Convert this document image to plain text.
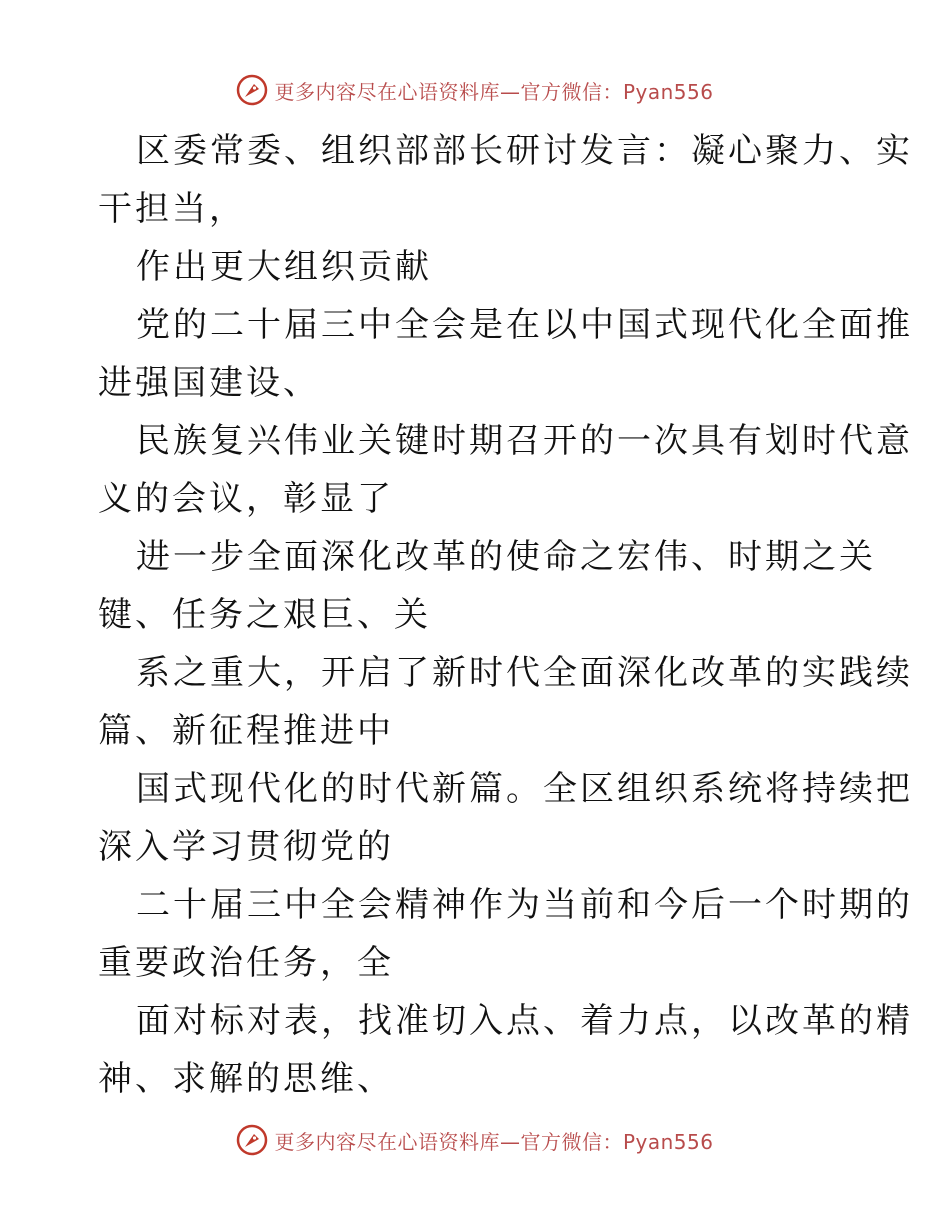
更多内容尽在心语资料库—官方微信：Pyan556
区委常委、组织部部长研讨发言：凝心聚力、实
干担当，
作出更大组织贡献
党的二十届三中全会是在以中国式现代化全面推
进强国建设、
民族复兴伟业关键时期召开的一次具有划时代意
义的会议，彰显了
进一步全面深化改革的使命之宏伟、时期之关
键、任务之艰巨、关
系之重大，开启了新时代全面深化改革的实践续
篇、新征程推进中
国式现代化的时代新篇。全区组织系统将持续把
深入学习贯彻党的
二十届三中全会精神作为当前和今后一个时期的
重要政治任务，全
面对标对表，找准切入点、着力点，以改革的精
神、求解的思维、
更多内容尽在心语资料库—官方微信：Pyan556
